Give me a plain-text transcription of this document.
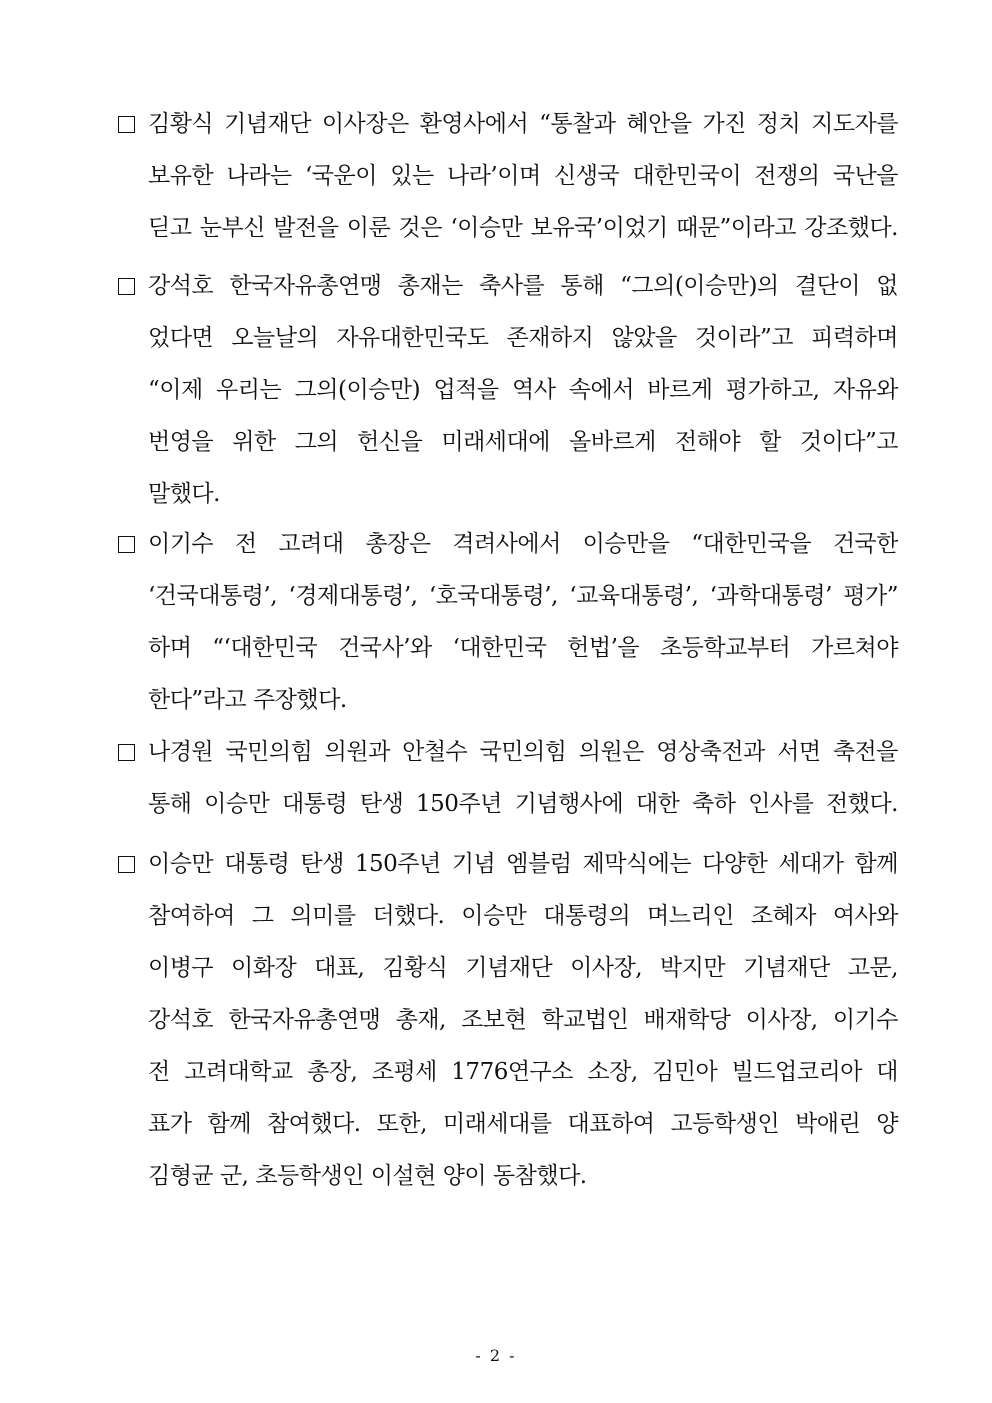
김황식 기념재단 이사장은 환영사에서 “통찰과 혜안을 가진 정치 지도자를
보유한 나라는 ‘국운이 있는 나라’이며 신생국 대한민국이 전쟁의 국난을
딛고 눈부신 발전을 이룬 것은 ‘이승만 보유국’이었기 때문”이라고 강조했다.
강석호 한국자유총연맹 총재는 축사를 통해 “그의(이승만)의 결단이 없
었다면 오늘날의 자유대한민국도 존재하지 않았을 것이라”고 피력하며
“이제 우리는 그의(이승만) 업적을 역사 속에서 바르게 평가하고, 자유와
번영을 위한 그의 헌신을 미래세대에 올바르게 전해야 할 것이다”고
말했다.
이기수 전 고려대 총장은 격려사에서 이승만을 “대한민국을 건국한
‘건국대통령’, ‘경제대통령’, ‘호국대통령’, ‘교육대통령’, ‘과학대통령’ 평가”
하며 “‘대한민국 건국사’와 ‘대한민국 헌법’을 초등학교부터 가르쳐야
한다”라고 주장했다.
나경원 국민의힘 의원과 안철수 국민의힘 의원은 영상축전과 서면 축전을
통해 이승만 대통령 탄생 150주년 기념행사에 대한 축하 인사를 전했다.
이승만 대통령 탄생 150주년 기념 엠블럼 제막식에는 다양한 세대가 함께
참여하여 그 의미를 더했다. 이승만 대통령의 며느리인 조혜자 여사와
이병구 이화장 대표, 김황식 기념재단 이사장, 박지만 기념재단 고문,
강석호 한국자유총연맹 총재, 조보현 학교법인 배재학당 이사장, 이기수
전 고려대학교 총장, 조평세 1776연구소 소장, 김민아 빌드업코리아 대
표가 함께 참여했다. 또한, 미래세대를 대표하여 고등학생인 박애린 양
김형균 군, 초등학생인 이설현 양이 동참했다.
- 2 -
